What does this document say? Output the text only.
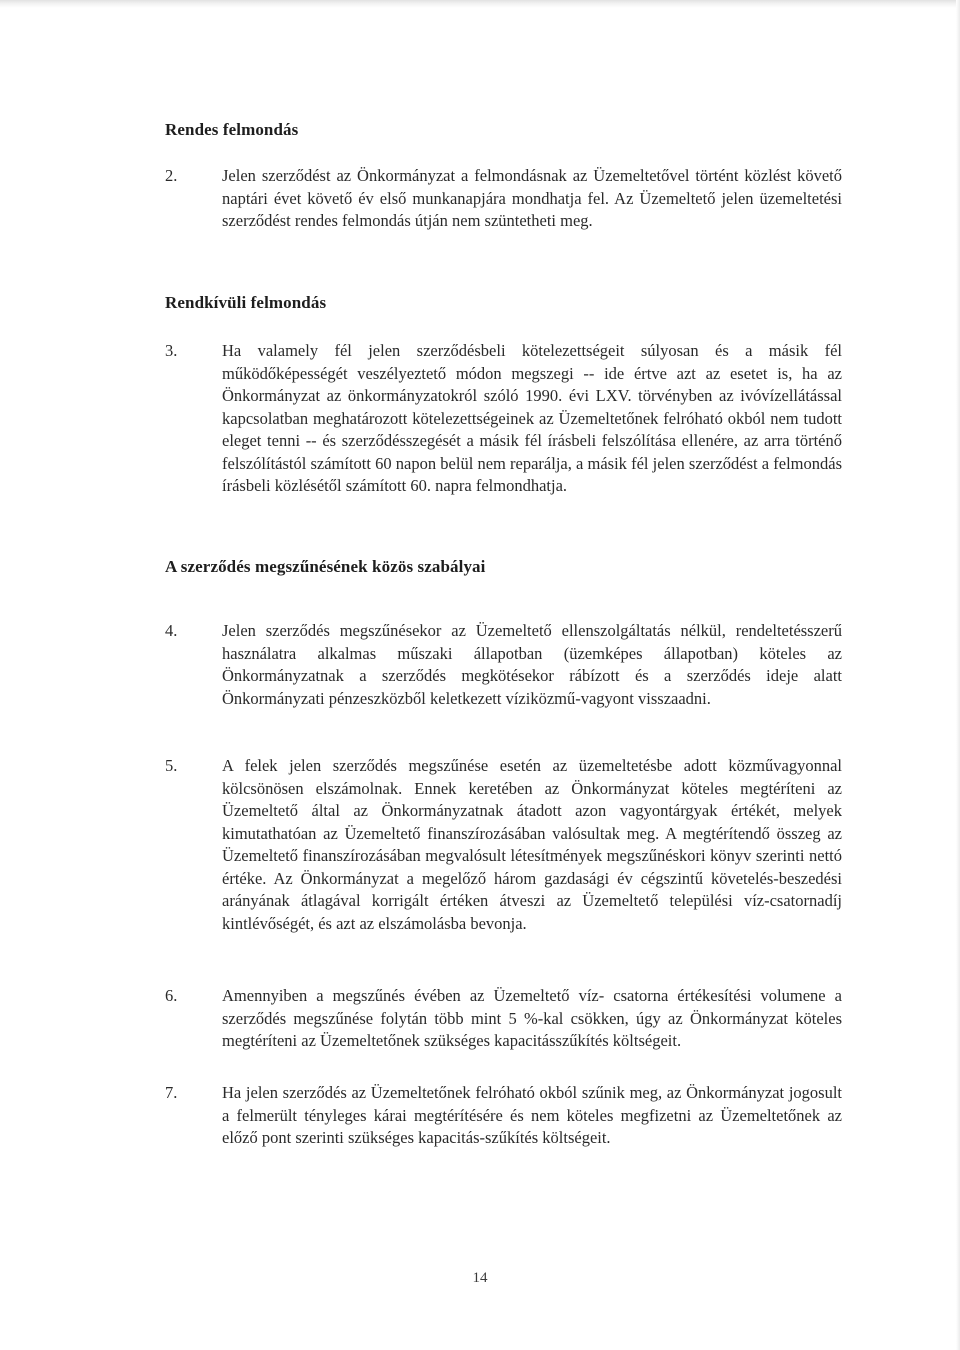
Rendes felmondás
2.	Jelen szerződést az Önkormányzat a felmondásnak az Üzemeltetővel történt közlést követő naptári évet követő év első munkanapjára mondhatja fel. Az Üzemeltető jelen üzemeltetési szerződést rendes felmondás útján nem szüntetheti meg.

Rendkívüli felmondás
3.	Ha valamely fél jelen szerződésbeli kötelezettségeit súlyosan és a másik fél működőképességét veszélyeztető módon megszegi -- ide értve azt az esetet is, ha az Önkormányzat az önkormányzatokról szóló 1990. évi LXV. törvényben az ivóvízellátással kapcsolatban meghatározott kötelezettségeinek az Üzemeltetőnek felróható okból nem tudott eleget tenni -- és szerződésszegését a másik fél írásbeli felszólítása ellenére, az arra történő felszólítástól számított 60 napon belül nem reparálja, a másik fél jelen szerződést a felmondás írásbeli közlésétől számított 60. napra felmondhatja.

A szerződés megszűnésének közös szabályai
4.	Jelen szerződés megszűnésekor az Üzemeltető ellenszolgáltatás nélkül, rendeltetésszerű használatra alkalmas műszaki állapotban (üzemképes állapotban) köteles az Önkormányzatnak a szerződés megkötésekor rábízott és a szerződés ideje alatt Önkormányzati pénzeszközből keletkezett víziközmű-vagyont visszaadni.

5.	A felek jelen szerződés megszűnése esetén az üzemeltetésbe adott közművagyonnal kölcsönösen elszámolnak. Ennek keretében az Önkormányzat köteles megtéríteni az Üzemeltető által az Önkormányzatnak átadott azon vagyontárgyak értékét, melyek kimutathatóan az Üzemeltető finanszírozásában valósultak meg. A megtérítendő összeg az Üzemeltető finanszírozásában megvalósult létesítmények megszűnéskori könyv szerinti nettó értéke. Az Önkormányzat a megelőző három gazdasági év cégszintű követelés-beszedési arányának átlagával korrigált értéken átveszi az Üzemeltető települési víz-csatornadíj kintlévőségét, és azt az elszámolásba bevonja.

6.	Amennyiben a megszűnés évében az Üzemeltető víz- csatorna értékesítési volumene a szerződés megszűnése folytán több mint 5 %-kal csökken, úgy az Önkormányzat köteles megtéríteni az Üzemeltetőnek szükséges kapacitásszűkítés költségeit.

7.	Ha jelen szerződés az Üzemeltetőnek felróható okból szűnik meg, az Önkormányzat jogosult a felmerült tényleges kárai megtérítésére és nem köteles megfizetni az Üzemeltetőnek az előző pont szerinti szükséges kapacitás-szűkítés költségeit.

14
